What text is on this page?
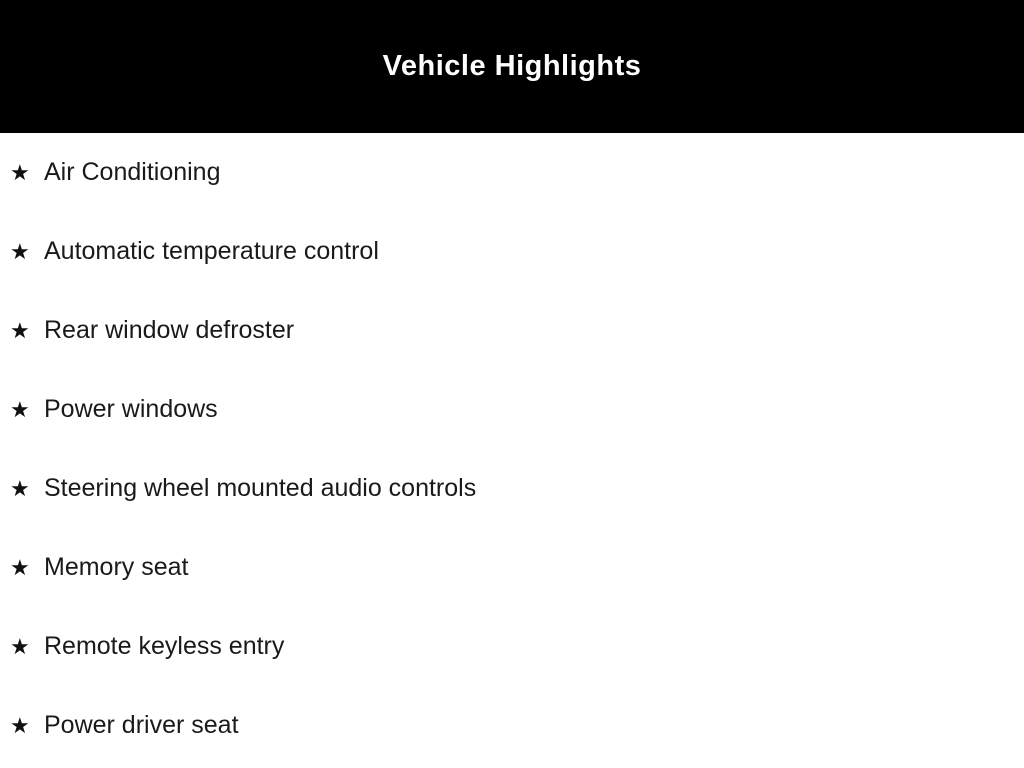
Vehicle Highlights
★ Air Conditioning
★ Automatic temperature control
★ Rear window defroster
★ Power windows
★ Steering wheel mounted audio controls
★ Memory seat
★ Remote keyless entry
★ Power driver seat
